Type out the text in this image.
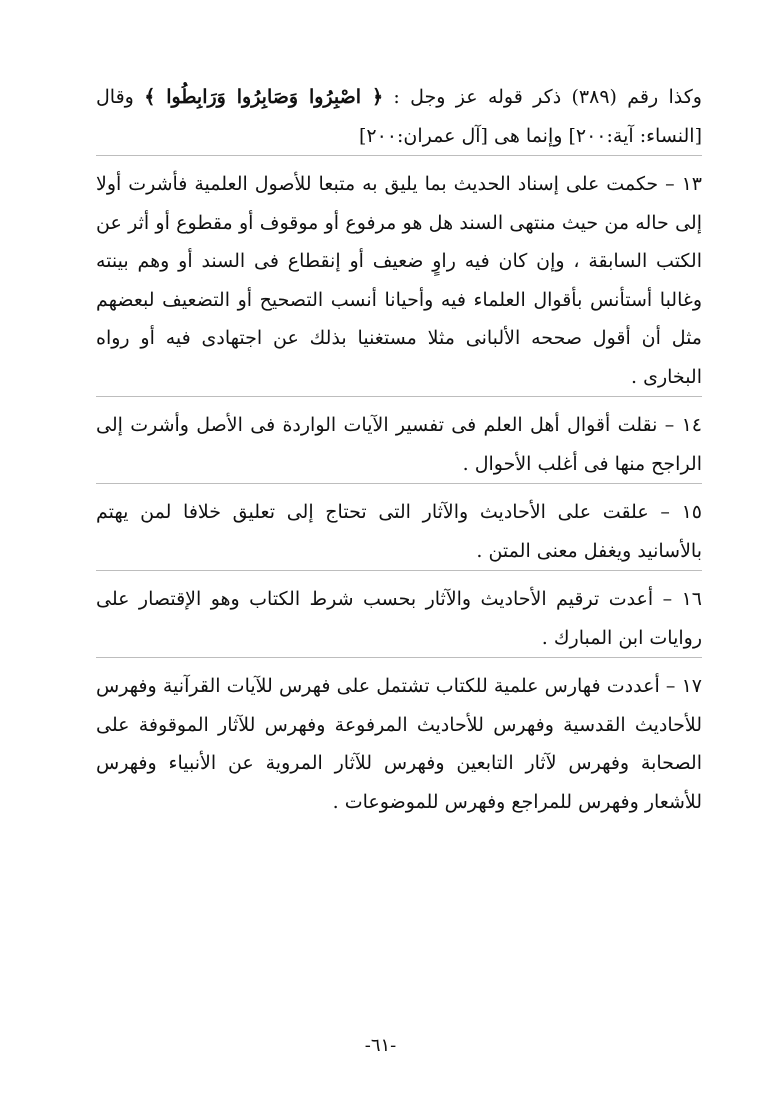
وكذا رقم (٣٨٩) ذكر قوله عز وجل : ﴿ اصْبِرُوا وَصَابِرُوا وَرَابِطُوا ﴾ وقال [النساء: آية:٢٠٠] وإنما هى [آل عمران:٢٠٠]

١٣ – حكمت على إسناد الحديث بما يليق به متبعا للأصول العلمية فأشرت أولا إلى حاله من حيث منتهى السند هل هو مرفوع أو موقوف أو مقطوع أو أثر عن الكتب السابقة ، وإن كان فيه راوٍ ضعيف أو إنقطاع فى السند أو وهم بينته وغالبا أستأنس بأقوال العلماء فيه وأحيانا أنسب التصحيح أو التضعيف لبعضهم مثل أن أقول صححه الألبانى مثلا مستغنيا بذلك عن اجتهادى فيه أو رواه البخارى .

١٤ – نقلت أقوال أهل العلم فى تفسير الآيات الواردة فى الأصل وأشرت إلى الراجح منها فى أغلب الأحوال .

١٥ – علقت على الأحاديث والآثار التى تحتاج إلى تعليق خلافا لمن يهتم بالأسانيد ويغفل معنى المتن .

١٦ – أعدت ترقيم الأحاديث والآثار بحسب شرط الكتاب وهو الإقتصار على روايات ابن المبارك .

١٧ – أعددت فهارس علمية للكتاب تشتمل على فهرس للآيات القرآنية وفهرس للأحاديث القدسية وفهرس للأحاديث المرفوعة وفهرس للآثار الموقوفة على الصحابة وفهرس لآثار التابعين وفهرس للآثار المروية عن الأنبياء وفهرس للأشعار وفهرس للمراجع وفهرس للموضوعات .

-٦١-
